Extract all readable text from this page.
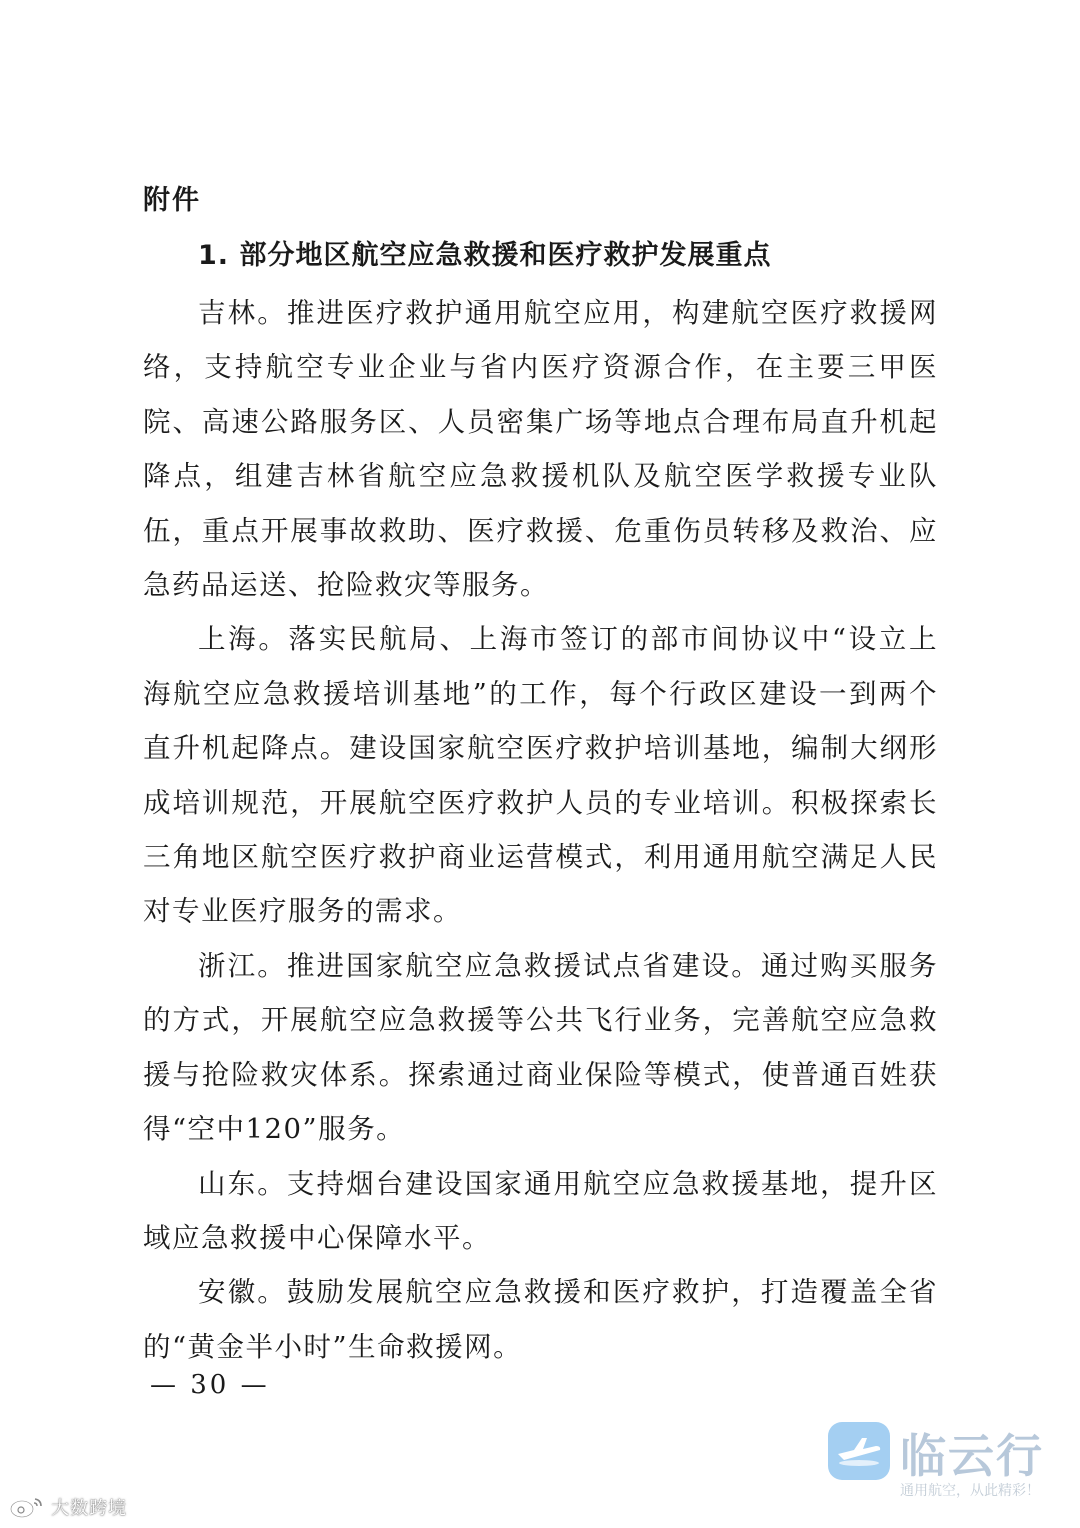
附件
1. 部分地区航空应急救援和医疗救护发展重点

吉林。推进医疗救护通用航空应用，构建航空医疗救援网络，支持航空专业企业与省内医疗资源合作，在主要三甲医院、高速公路服务区、人员密集广场等地点合理布局直升机起降点，组建吉林省航空应急救援机队及航空医学救援专业队伍，重点开展事故救助、医疗救援、危重伤员转移及救治、应急药品运送、抢险救灾等服务。

上海。落实民航局、上海市签订的部市间协议中“设立上海航空应急救援培训基地”的工作，每个行政区建设一到两个直升机起降点。建设国家航空医疗救护培训基地，编制大纲形成培训规范，开展航空医疗救护人员的专业培训。积极探索长三角地区航空医疗救护商业运营模式，利用通用航空满足人民对专业医疗服务的需求。

浙江。推进国家航空应急救援试点省建设。通过购买服务的方式，开展航空应急救援等公共飞行业务，完善航空应急救援与抢险救灾体系。探索通过商业保险等模式，使普通百姓获得“空中120”服务。

山东。支持烟台建设国家通用航空应急救援基地，提升区域应急救援中心保障水平。

安徽。鼓励发展航空应急救援和医疗救护，打造覆盖全省的“黄金半小时”生命救援网。

— 30 —
临云行
通用航空，从此精彩！
大数跨境
